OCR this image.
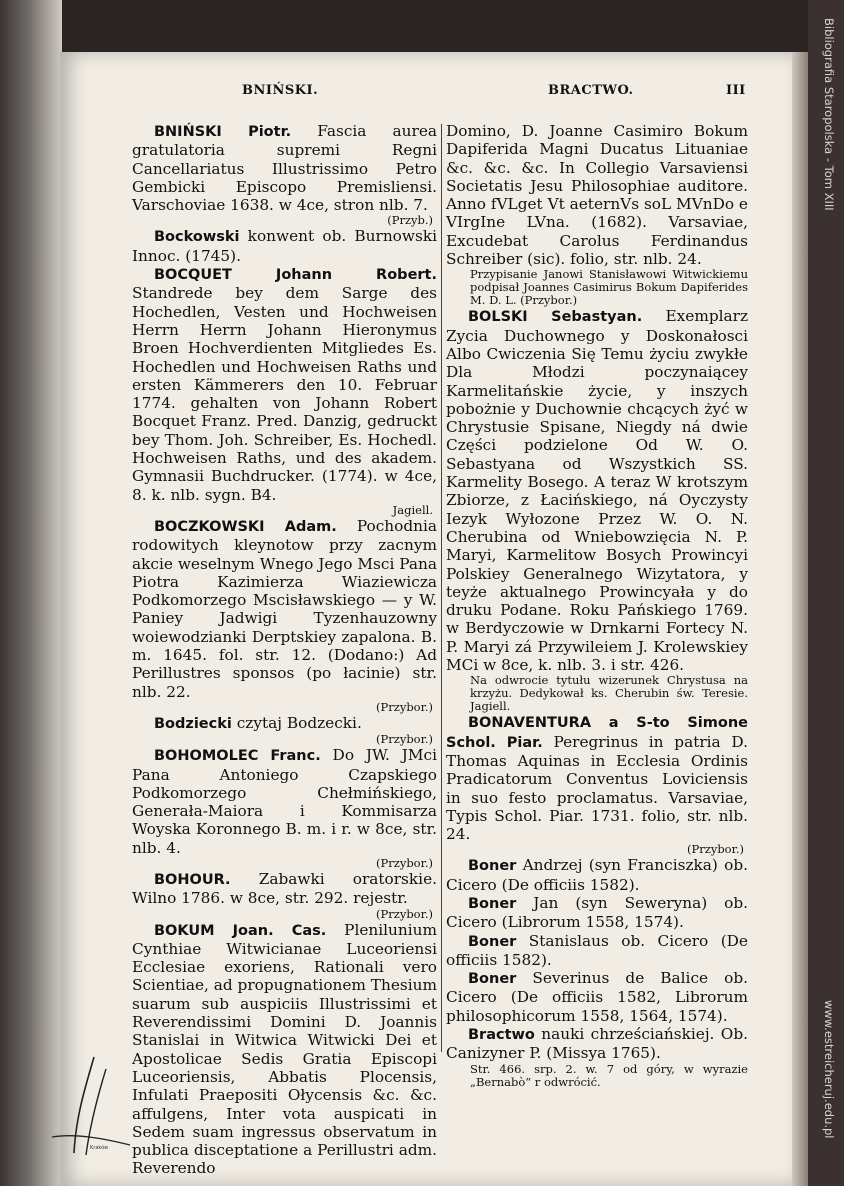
Bibliografia Staropolska - Tom XIII
www.estreicheruj.edu.pl
BNIŃSKI.	BRACTWO.	III

BNIŃSKI Piotr. Fascia aurea gratulatoria supremi Regni Cancellariatus Illustrissimo Petro Gembicki Episcopo Premisliensi. Varschoviae 1638. w 4ce, stron nlb. 7.
(Przyb.)

Bockowski konwent ob. Burnowski Innoc. (1745).

BOCQUET Johann Robert. Standrede bey dem Sarge des Hochedlen, Vesten und Hochweisen Herrn Herrn Johann Hieronymus Broen Hochverdienten Mitgliedes Es. Hochedlen und Hochweisen Raths und ersten Kämmerers den 10. Februar 1774. gehalten von Johann Robert Bocquet Franz. Pred. Danzig, gedruckt bey Thom. Joh. Schreiber, Es. Hochedl. Hochweisen Raths, und des akadem. Gymnasii Buchdrucker. (1774). w 4ce, 8. k. nlb. sygn. B4.
Jagiell.

BOCZKOWSKI Adam. Pochodnia rodowitych kleynotow przy zacnym akcie weselnym Wnego Jego Msci Pana Piotra Kazimierza Wiaziewicza Podkomorzego Mscisławskiego — y W. Paniey Jadwigi Tyzenhauzowny woiewodzianki Derptskiey zapalona. B. m. 1645. fol. str. 12. (Dodano:) Ad Perillustres sponsos (po łacinie) str. nlb. 22.
(Przybor.)

Bodziecki czytaj Bodzecki.
(Przybor.)

BOHOMOLEC Franc. Do JW. JMci Pana Antoniego Czapskiego Podkomorzego Chełmińskiego, Generała-Maiora i Kommisarza Woyska Koronnego B. m. i r. w 8ce, str. nlb. 4.
(Przybor.)

BOHOUR. Zabawki oratorskie. Wilno 1786. w 8ce, str. 292. rejestr.
(Przybor.)

BOKUM Joan. Cas. Plenilunium Cynthiae Witwicianae Luceoriensi Ecclesiae exoriens, Rationali vero Scientiae, ad propugnationem Thesium suarum sub auspiciis Illustrissimi et Reverendissimi Domini D. Joannis Stanislai in Witwica Witwicki Dei et Apostolicae Sedis Gratia Episcopi Luceoriensis, Abbatis Plocensis, Infulati Praepositi Ołycensis &c. &c. affulgens, Inter vota auspicati in Sedem suam ingressus observatum in publica disceptatione a Perillustri adm. Reverendo

Domino, D. Joanne Casimiro Bokum Dapiferida Magni Ducatus Lituaniae &c. &c. &c. In Collegio Varsaviensi Societatis Jesu Philosophiae auditore. Anno fVLget Vt aeternVs soL MVnDo e VIrgIne LVna. (1682). Varsaviae, Excudebat Carolus Ferdinandus Schreiber (sic). folio, str. nlb. 24.

Przypisanie Janowi Stanisławowi Witwickiemu podpisał Joannes Casimirus Bokum Dapiferides M. D. L. (Przybor.)

BOLSKI Sebastyan. Exemplarz Zycia Duchownego y Doskonałosci Albo Cwiczenia Się Temu życiu zwykłe Dla Młodzi poczynaiącey Karmelitańskie życie, y inszych pobożnie y Duchownie chcących żyć w Chrystusie Spisane, Niegdy ná dwie Części podzielone Od W. O. Sebastyana od Wszystkich SS. Karmelity Bosego. A teraz W krotszym Zbiorze, z Łacińskiego, ná Oyczysty Iezyk Wyłozone Przez W. O. N. Cherubina od Wniebowzięcia N. P. Maryi, Karmelitow Bosych Prowincyi Polskiey Generalnego Wizytatora, y teyże aktualnego Prowincyała y do druku Podane. Roku Pańskiego 1769. w Berdyczowie w Drnkarni Fortecy N. P. Maryi zá Przywileiem J. Krolewskiey MCi w 8ce, k. nlb. 3. i str. 426.

Na odwrocie tytułu wizerunek Chrystusa na krzyżu. Dedykował ks. Cherubin św. Teresie. Jagiell.

BONAVENTURA a S-to Simone Schol. Piar. Peregrinus in patria D. Thomas Aquinas in Ecclesia Ordinis Pradicatorum Conventus Loviciensis in suo festo proclamatus. Varsaviae, Typis Schol. Piar. 1731. folio, str. nlb. 24.
(Przybor.)

Boner Andrzej (syn Franciszka) ob. Cicero (De officiis 1582).

Boner Jan (syn Seweryna) ob. Cicero (Librorum 1558, 1574).

Boner Stanislaus ob. Cicero (De officiis 1582).

Boner Severinus de Balice ob. Cicero (De officiis 1582, Librorum philosophicorum 1558, 1564, 1574).

Bractwo nauki chrześciańskiej. Ob. Canizyner P. (Missya 1765).

Str. 466. srp. 2. w. 7 od góry, w wyrazie „Bernabò“ r odwrócić.

Kraków
